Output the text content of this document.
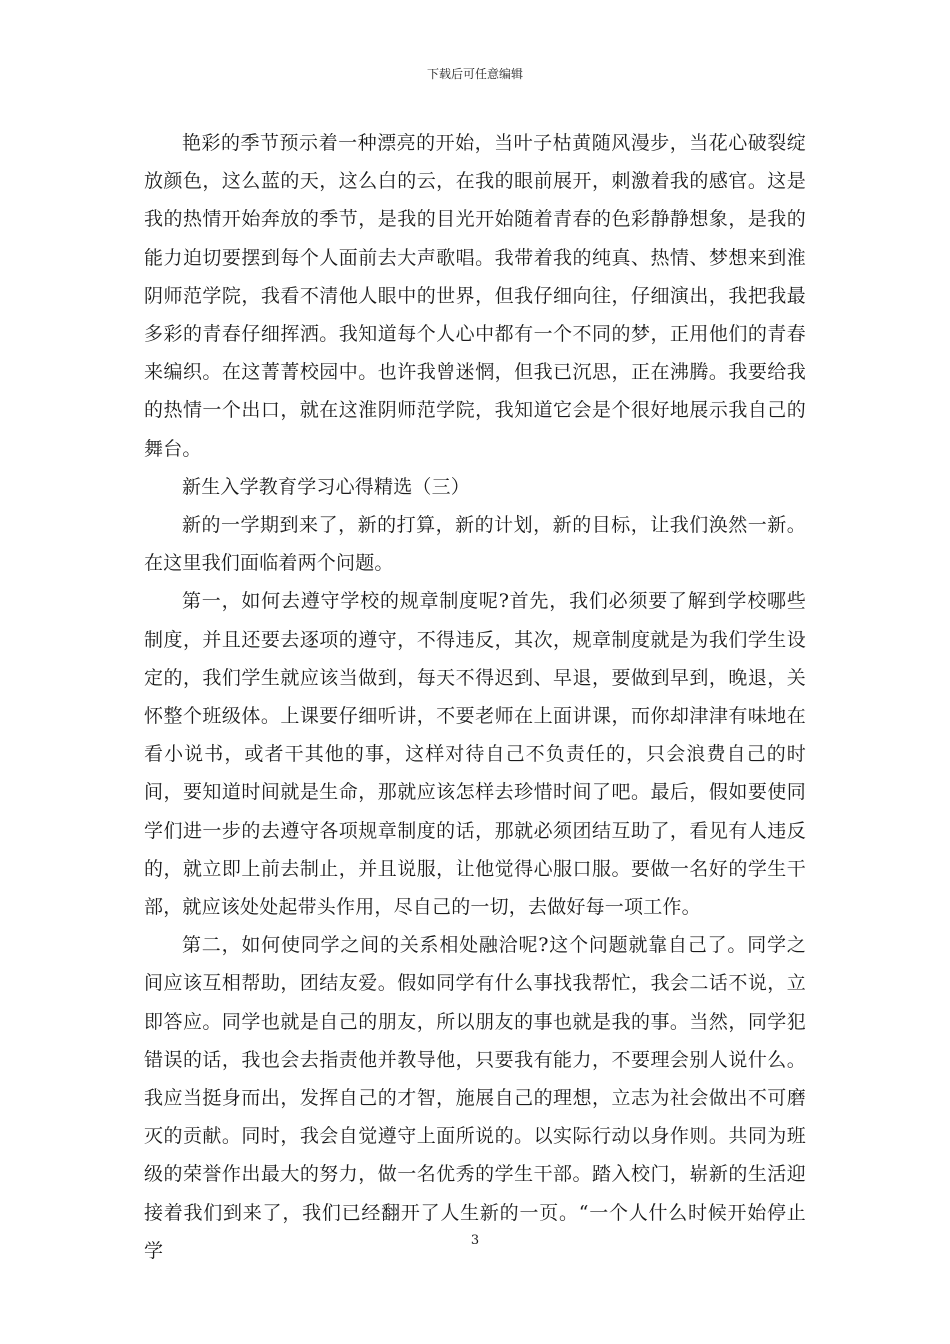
下载后可任意编辑

艳彩的季节预示着一种漂亮的开始，当叶子枯黄随风漫步，当花心破裂绽放颜色，这么蓝的天，这么白的云，在我的眼前展开，刺激着我的感官。这是我的热情开始奔放的季节，是我的目光开始随着青春的色彩静静想象，是我的能力迫切要摆到每个人面前去大声歌唱。我带着我的纯真、热情、梦想来到淮阴师范学院，我看不清他人眼中的世界，但我仔细向往，仔细演出，我把我最多彩的青春仔细挥洒。我知道每个人心中都有一个不同的梦，正用他们的青春来编织。在这菁菁校园中。也许我曾迷惘，但我已沉思，正在沸腾。我要给我的热情一个出口，就在这淮阴师范学院，我知道它会是个很好地展示我自己的舞台。

新生入学教育学习心得精选（三）

新的一学期到来了，新的打算，新的计划，新的目标，让我们涣然一新。在这里我们面临着两个问题。

第一，如何去遵守学校的规章制度呢?首先，我们必须要了解到学校哪些制度，并且还要去逐项的遵守，不得违反，其次，规章制度就是为我们学生设定的，我们学生就应该当做到，每天不得迟到、早退，要做到早到，晚退，关怀整个班级体。上课要仔细听讲，不要老师在上面讲课，而你却津津有味地在看小说书，或者干其他的事，这样对待自己不负责任的，只会浪费自己的时间，要知道时间就是生命，那就应该怎样去珍惜时间了吧。最后，假如要使同学们进一步的去遵守各项规章制度的话，那就必须团结互助了，看见有人违反的，就立即上前去制止，并且说服，让他觉得心服口服。要做一名好的学生干部，就应该处处起带头作用，尽自己的一切，去做好每一项工作。

第二，如何使同学之间的关系相处融洽呢?这个问题就靠自己了。同学之间应该互相帮助，团结友爱。假如同学有什么事找我帮忙，我会二话不说，立即答应。同学也就是自己的朋友，所以朋友的事也就是我的事。当然，同学犯错误的话，我也会去指责他并教导他，只要我有能力，不要理会别人说什么。我应当挺身而出，发挥自己的才智，施展自己的理想，立志为社会做出不可磨灭的贡献。同时，我会自觉遵守上面所说的。以实际行动以身作则。共同为班级的荣誉作出最大的努力，做一名优秀的学生干部。踏入校门，崭新的生活迎接着我们到来了，我们已经翻开了人生新的一页。“一个人什么时候开始停止学	3
